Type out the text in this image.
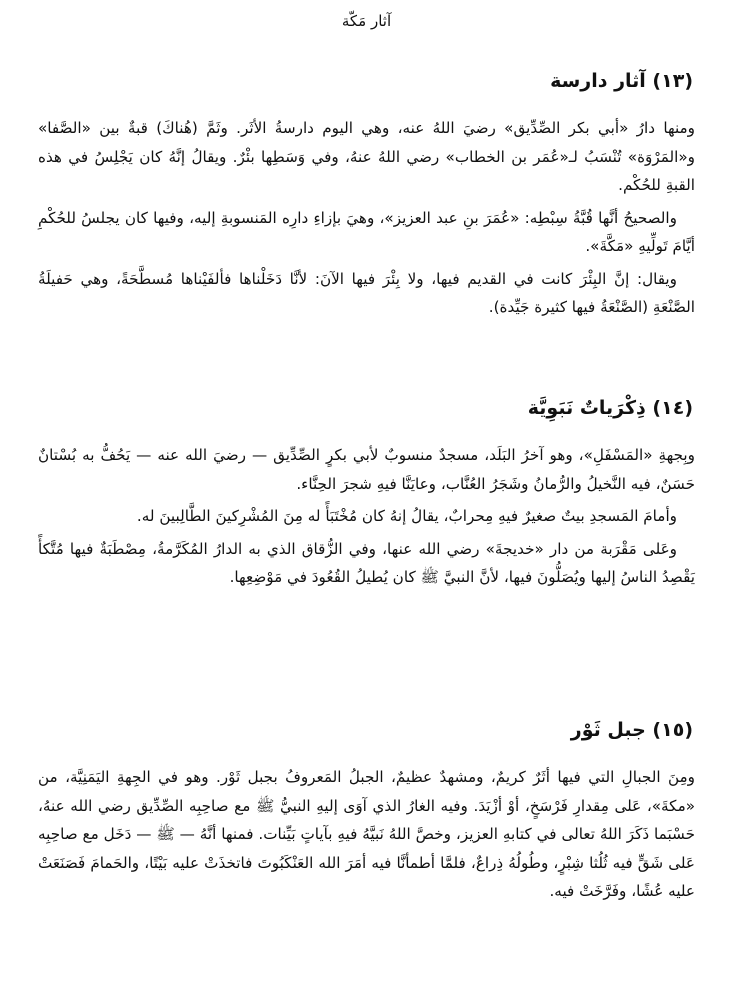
آثار مَكّة
(١٣) آثار دارسة

ومنها دارُ «أبي بكر الصِّدِّيق» رضيَ اللهُ عنه، وهي اليوم دارسةُ الأثَر. وثَمَّ (هُناكَ) قبةٌ بين «الصَّفا» و«المَرْوَة» تُنْسَبُ لـ«عُمَر بن الخطاب» رضي اللهُ عنهُ، وفي وَسَطِها بئْرٌ. ويقالُ إنَّهُ كان يَجْلِسُ في هذه القبةِ للحُكْم.

والصحيحُ أنَّها قُبَّةُ سِبْطِه: «عُمَرَ بنِ عبد العزيز»، وهيَ بإزاءِ دارِه المَنسوبةِ إليه، وفيها كان يجلسُ للحُكْمِ أيَّامَ تَولِّيهِ «مَكَّةَ».

ويقال: إنَّ البِئْرَ كانت في القديم فيها، ولا بِئْرَ فيها الآنَ: لأنَّا دَخَلْناها فألفَيْناها مُسطَّحَةً، وهي حَفيلَةُ الصَّنْعَةِ (الصَّنْعَةُ فيها كثيرة جَيِّدة).

(١٤) ذِكْرَياتٌ نَبَوِيَّة

وبِجهةِ «المَسْفَلِ»، وهو آخرُ البَلَد، مسجدٌ منسوبٌ لأبي بكرٍ الصِّدِّيق — رضيَ الله عنه — يَحُفُّ به بُسْتانٌ حَسَنٌ، فيه النَّخيلُ والرُّمانُ وشَجَرُ العُنَّاب، وعايَنَّا فيهِ شجرَ الحِنَّاء.

وأمامَ المَسجدِ بيتٌ صغيرٌ فيهِ مِحرابٌ، يقالُ إنهُ كان مُخْتَبَأً له مِنَ المُشْرِكينَ الطَّالِبينَ له.

وعَلى مَقْرَبة من دار «خديجةَ» رضي الله عنها، وفي الزُّقاق الذي به الدارُ المُكَرَّمةُ، مِصْطَبَةٌ فيها مُتَّكأً يَقْصِدُ الناسُ إليها ويُصَلُّونَ فيها، لأنَّ النبيَّ ﷺ كان يُطيلُ القُعُودَ في مَوْضِعِها.

(١٥) جبل ثَوْر

ومِنَ الجبالِ التي فيها أثَرٌ كريمٌ، ومشهدٌ عظيمٌ، الجبلُ المَعروفُ بجبل ثَوْر. وهو في الجِهةِ اليَمَنِيَّة، من «مكةَ»، عَلى مِقدارِ فَرْسَخٍ، أوْ أزْيَدَ. وفيه الغارُ الذي آوَى إليهِ النبيُّ ﷺ مع صاحِبِه الصِّدِّيق رضي الله عنهُ، حَسْبَما ذَكَرَ اللهُ تعالى في كتابهِ العزيز، وخصَّ اللهُ نَبيَّهُ فيهِ بآياتٍ بَيِّنات. فمنها أنَّهُ — ﷺ — دَخَل مع صاحِبِه عَلى شَقٍّ فيه ثُلُثا شِبْرٍ، وطُولُهُ ذِراعٌ، فلمَّا أطمأنَّا فيه أمَرَ الله العَنْكَبُوتَ فاتخذَتْ عليه بَيْتًا، والحَمامَ فَصَنَعَتْ عليه عُشًا، وفَرَّخَتْ فيه.
